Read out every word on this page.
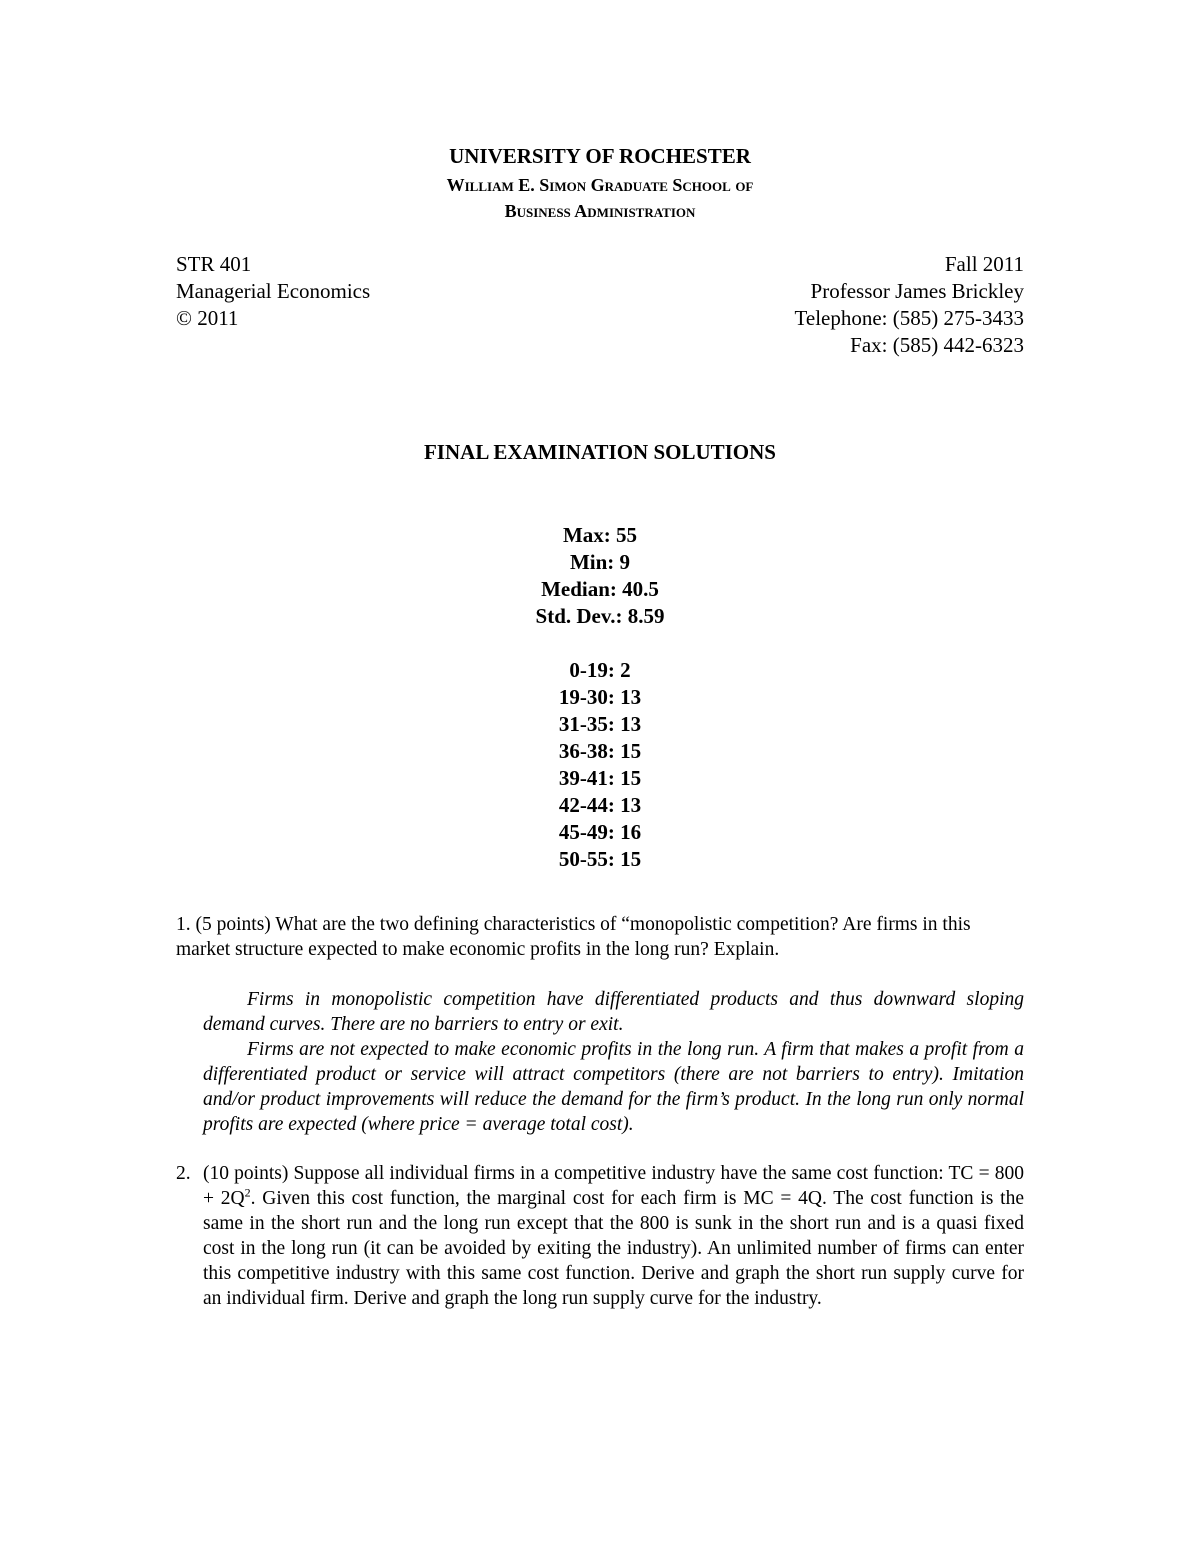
UNIVERSITY OF ROCHESTER
William E. Simon Graduate School of
Business Administration
STR 401	Fall 2011
Managerial Economics	Professor James Brickley
© 2011	Telephone: (585) 275-3433
Fax: (585) 442-6323
FINAL EXAMINATION SOLUTIONS
Max: 55
Min: 9
Median: 40.5
Std. Dev.: 8.59
0-19: 2
19-30: 13
31-35: 13
36-38: 15
39-41: 15
42-44: 13
45-49: 16
50-55: 15
1. (5 points) What are the two defining characteristics of “monopolistic competition? Are firms in this market structure expected to make economic profits in the long run? Explain.

Firms in monopolistic competition have differentiated products and thus downward sloping demand curves. There are no barriers to entry or exit.

Firms are not expected to make economic profits in the long run. A firm that makes a profit from a differentiated product or service will attract competitors (there are not barriers to entry). Imitation and/or product improvements will reduce the demand for the firm’s product. In the long run only normal profits are expected (where price = average total cost).

2. (10 points) Suppose all individual firms in a competitive industry have the same cost function: TC = $800 + 2Q^2$. Given this cost function, the marginal cost for each firm is MC = 4Q. The cost function is the same in the short run and the long run except that the 800 is sunk in the short run and is a quasi fixed cost in the long run (it can be avoided by exiting the industry). An unlimited number of firms can enter this competitive industry with this same cost function. Derive and graph the short run supply curve for an individual firm. Derive and graph the long run supply curve for the industry.
